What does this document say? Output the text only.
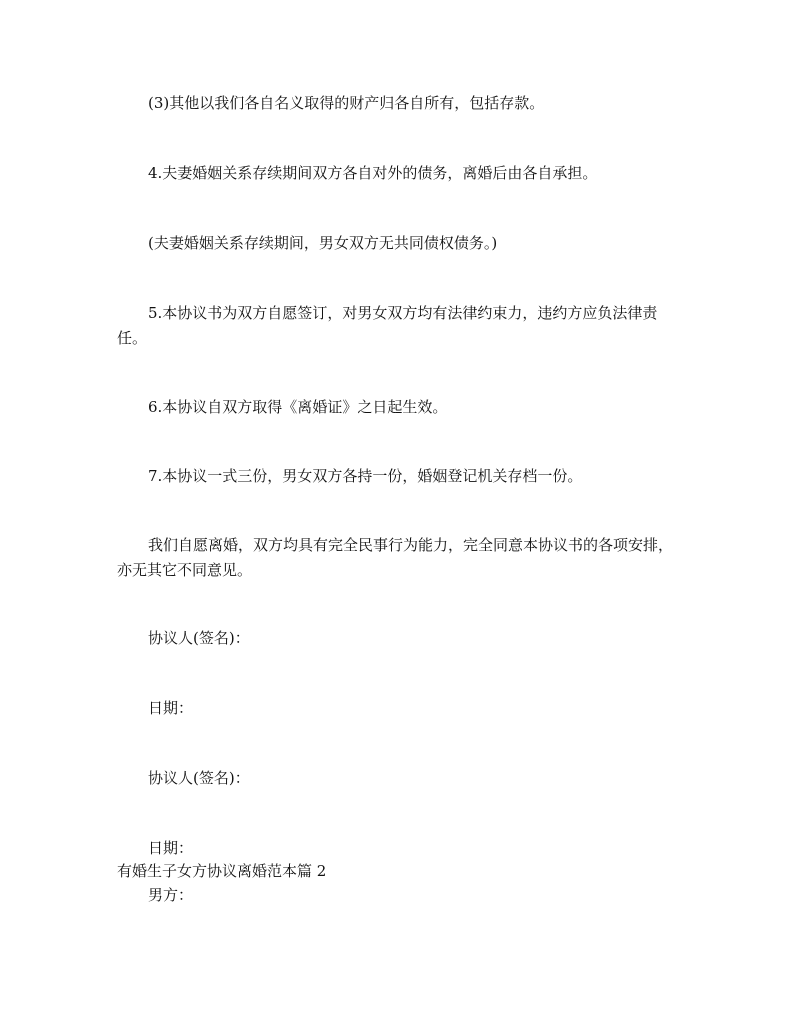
(3)其他以我们各自名义取得的财产归各自所有，包括存款。
4.夫妻婚姻关系存续期间双方各自对外的债务，离婚后由各自承担。
(夫妻婚姻关系存续期间，男女双方无共同债权债务。)
5.本协议书为双方自愿签订，对男女双方均有法律约束力，违约方应负法律责任。
6.本协议自双方取得《离婚证》之日起生效。
7.本协议一式三份，男女双方各持一份，婚姻登记机关存档一份。
我们自愿离婚，双方均具有完全民事行为能力，完全同意本协议书的各项安排，亦无其它不同意见。
协议人(签名)：
日期：
协议人(签名)：
日期：
有婚生子女方协议离婚范本篇 2
男方：
